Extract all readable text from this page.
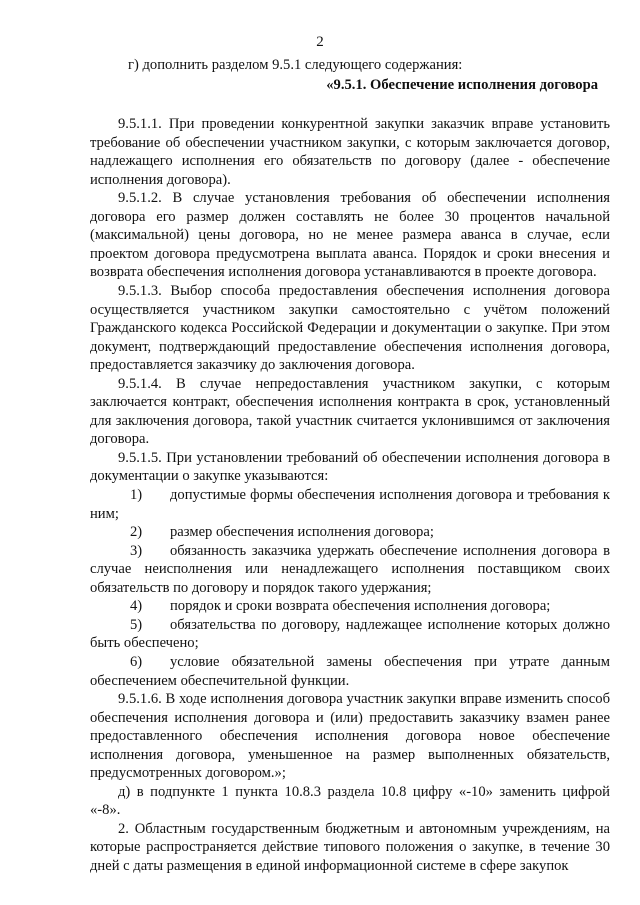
2

г) дополнить разделом 9.5.1 следующего содержания:

«9.5.1. Обеспечение исполнения договора

9.5.1.1. При проведении конкурентной закупки заказчик вправе установить требование об обеспечении участником закупки, с которым заключается договор, надлежащего исполнения его обязательств по договору (далее - обеспечение исполнения договора).

9.5.1.2. В случае установления требования об обеспечении исполнения договора его размер должен составлять не более 30 процентов начальной (максимальной) цены договора, но не менее размера аванса в случае, если проектом договора предусмотрена выплата аванса. Порядок и сроки внесения и возврата обеспечения исполнения договора устанавливаются в проекте договора.

9.5.1.3. Выбор способа предоставления обеспечения исполнения договора осуществляется участником закупки самостоятельно с учётом положений Гражданского кодекса Российской Федерации и документации о закупке. При этом документ, подтверждающий предоставление обеспечения исполнения договора, предоставляется заказчику до заключения договора.

9.5.1.4. В случае непредоставления участником закупки, с которым заключается контракт, обеспечения исполнения контракта в срок, установленный для заключения договора, такой участник считается уклонившимся от заключения договора.

9.5.1.5. При установлении требований об обеспечении исполнения договора в документации о закупке указываются:

1) допустимые формы обеспечения исполнения договора и требования к ним;

2) размер обеспечения исполнения договора;

3) обязанность заказчика удержать обеспечение исполнения договора в случае неисполнения или ненадлежащего исполнения поставщиком своих обязательств по договору и порядок такого удержания;

4) порядок и сроки возврата обеспечения исполнения договора;

5) обязательства по договору, надлежащее исполнение которых должно быть обеспечено;

6) условие обязательной замены обеспечения при утрате данным обеспечением обеспечительной функции.

9.5.1.6. В ходе исполнения договора участник закупки вправе изменить способ обеспечения исполнения договора и (или) предоставить заказчику взамен ранее предоставленного обеспечения исполнения договора новое обеспечение исполнения договора, уменьшенное на размер выполненных обязательств, предусмотренных договором.»;

д) в подпункте 1 пункта 10.8.3 раздела 10.8 цифру «-10» заменить цифрой «-8».

2. Областным государственным бюджетным и автономным учреждениям, на которые распространяется действие типового положения о закупке, в течение 30 дней с даты размещения в единой информационной системе в сфере закупок
